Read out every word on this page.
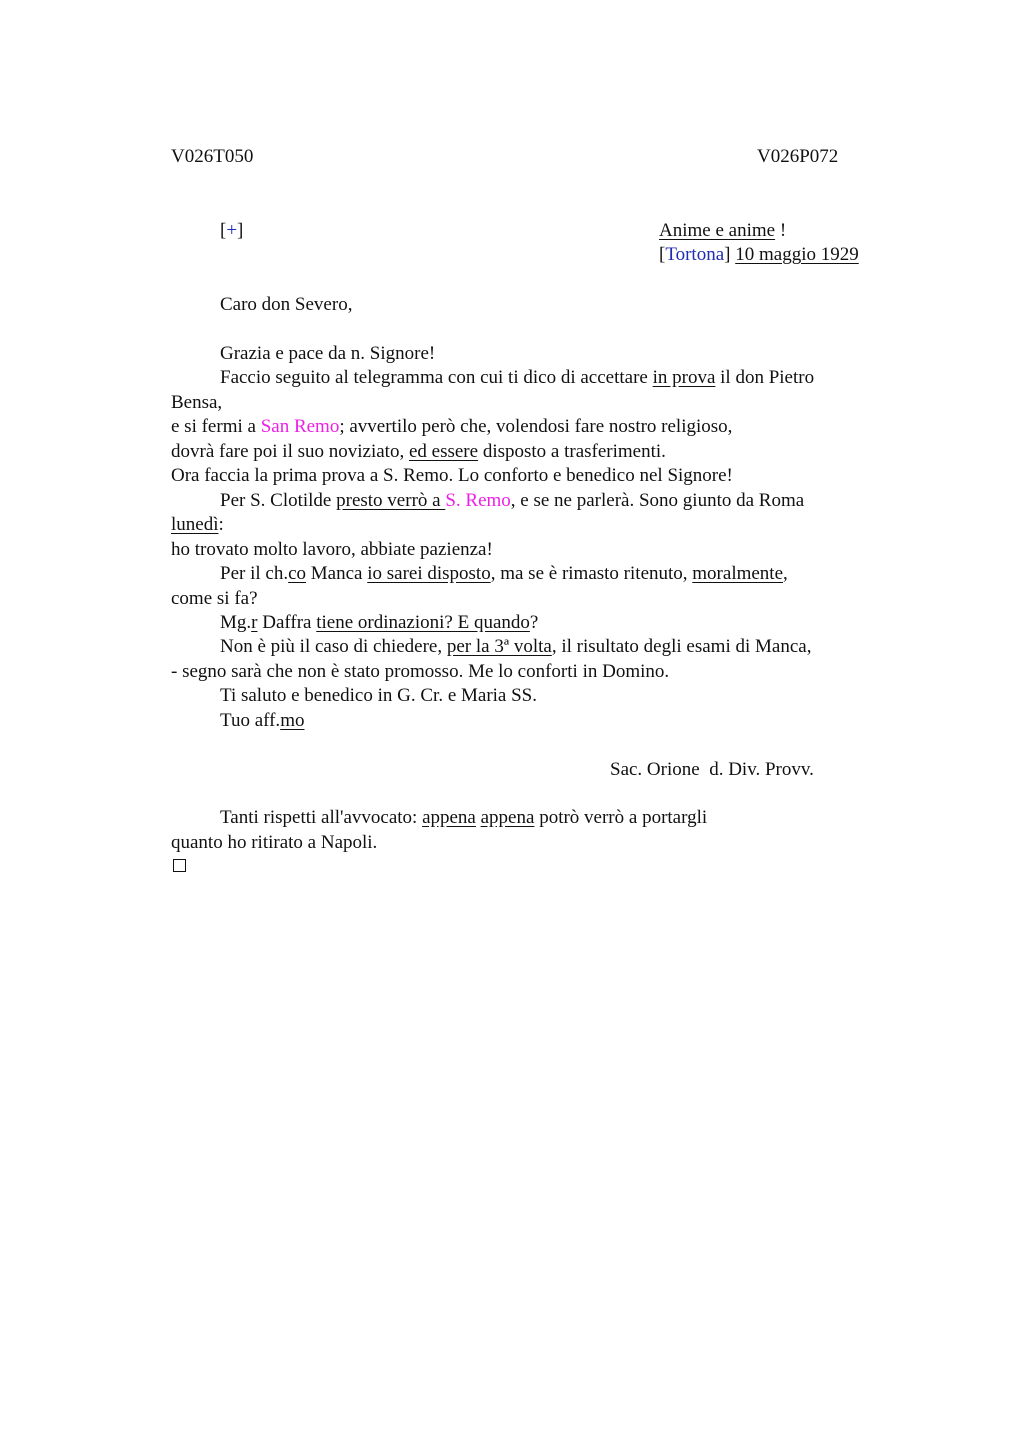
V026T050	V026P072
[+]	Anime e anime !
[Tortona] 10 maggio 1929
Caro don Severo,
Grazia e pace da n. Signore!
Faccio seguito al telegramma con cui ti dico di accettare in prova il don Pietro
Bensa,
e si fermi a San Remo; avvertilo però che, volendosi fare nostro religioso,
dovrà fare poi il suo noviziato, ed essere disposto a trasferimenti.
Ora faccia la prima prova a S. Remo. Lo conforto e benedico nel Signore!
Per S. Clotilde presto verrò a S. Remo, e se ne parlerà. Sono giunto da Roma
lunedì:
ho trovato molto lavoro, abbiate pazienza!
Per il ch.co Manca io sarei disposto, ma se è rimasto ritenuto, moralmente,
come si fa?
Mg.r Daffra tiene ordinazioni? E quando?
Non è più il caso di chiedere, per la 3ª volta, il risultato degli esami di Manca,
- segno sarà che non è stato promosso. Me lo conforti in Domino.
Ti saluto e benedico in G. Cr. e Maria SS.
Tuo aff.mo
Sac. Orione  d. Div. Provv.
Tanti rispetti all'avvocato: appena appena potrò verrò a portargli
quanto ho ritirato a Napoli.
